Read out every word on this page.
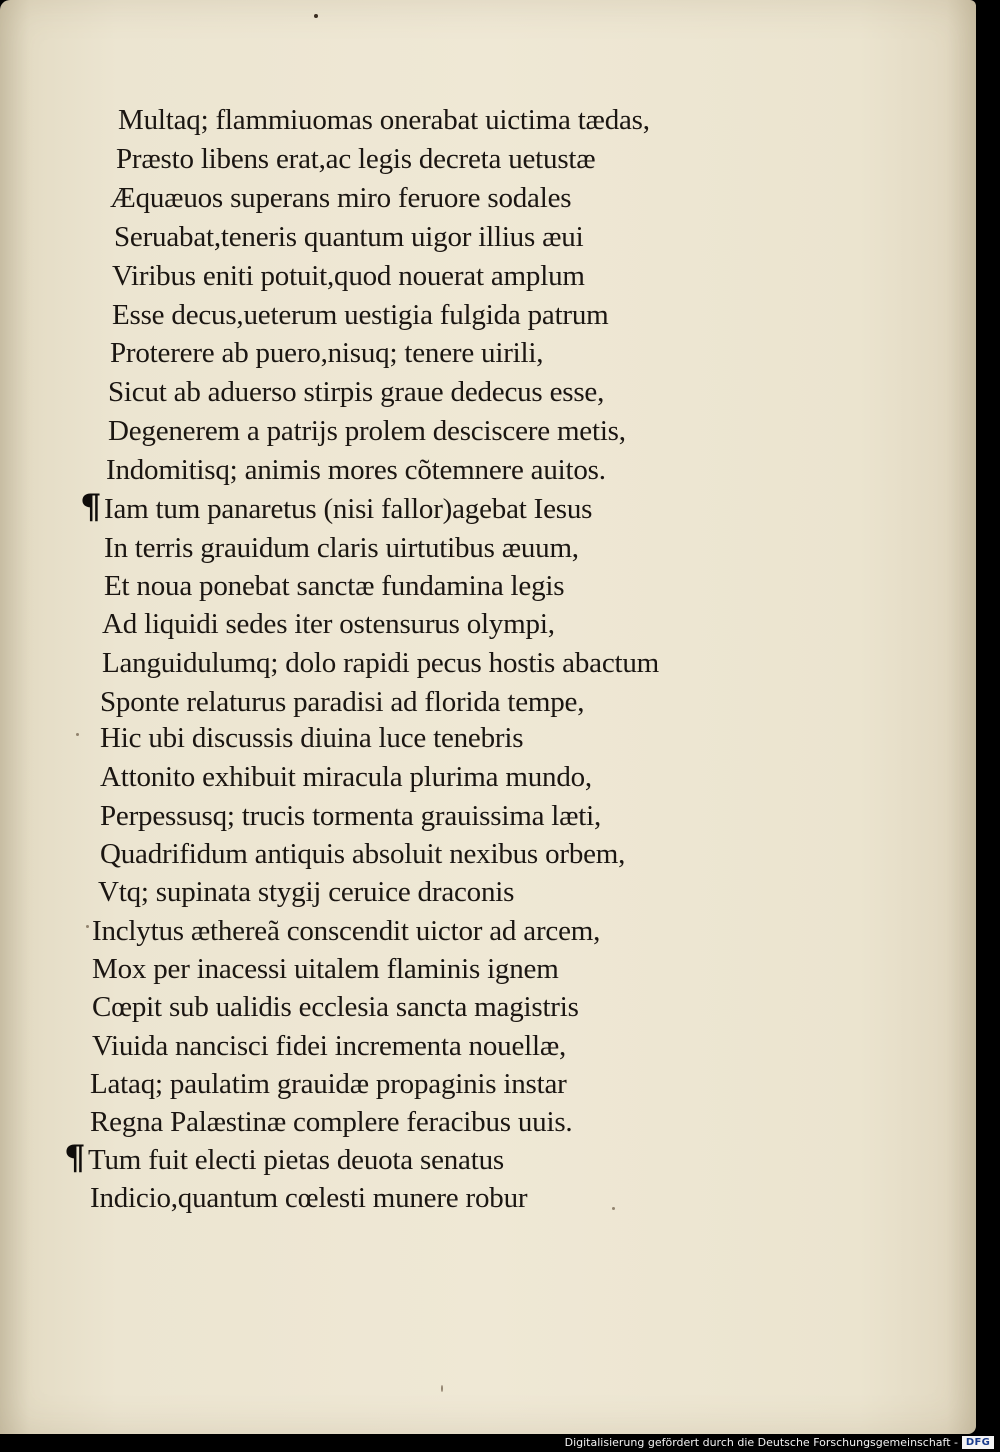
Multaq; flammiuomas onerabat uictima tædas,
Præsto libens erat,ac legis decreta uetustæ
Æquæuos superans miro feruore sodales
Seruabat,teneris quantum uigor illius æui
Viribus eniti potuit,quod nouerat amplum
Esse decus,ueterum uestigia fulgida patrum
Proterere ab puero,nisuq; tenere uirili,
Sicut ab aduerso stirpis graue dedecus esse,
Degenerem a patrijs prolem desciscere metis,
Indomitisq; animis mores cõtemnere auitos.
¶ Iam tum panaretus (nisi fallor)agebat Iesus
In terris grauidum claris uirtutibus æuum,
Et noua ponebat sanctæ fundamina legis
Ad liquidi sedes iter ostensurus olympi,
Languidulumq; dolo rapidi pecus hostis abactum
Sponte relaturus paradisi ad florida tempe,
Hic ubi discussis diuina luce tenebris
Attonito exhibuit miracula plurima mundo,
Perpessusq; trucis tormenta grauissima læti,
Quadrifidum antiquis absoluit nexibus orbem,
Vtq; supinata stygij ceruice draconis
Inclytus æthereã conscendit uictor ad arcem,
Mox per inacessi uitalem flaminis ignem
Cœpit sub ualidis ecclesia sancta magistris
Viuida nancisci fidei incrementa nouellæ,
Lataq; paulatim grauidæ propaginis instar
Regna Palæstinæ complere feracibus uuis.
¶ Tum fuit electi pietas deuota senatus
Indicio,quantum cœlesti munere robur
Digitalisierung gefördert durch die Deutsche Forschungsgemeinschaft - DFG
